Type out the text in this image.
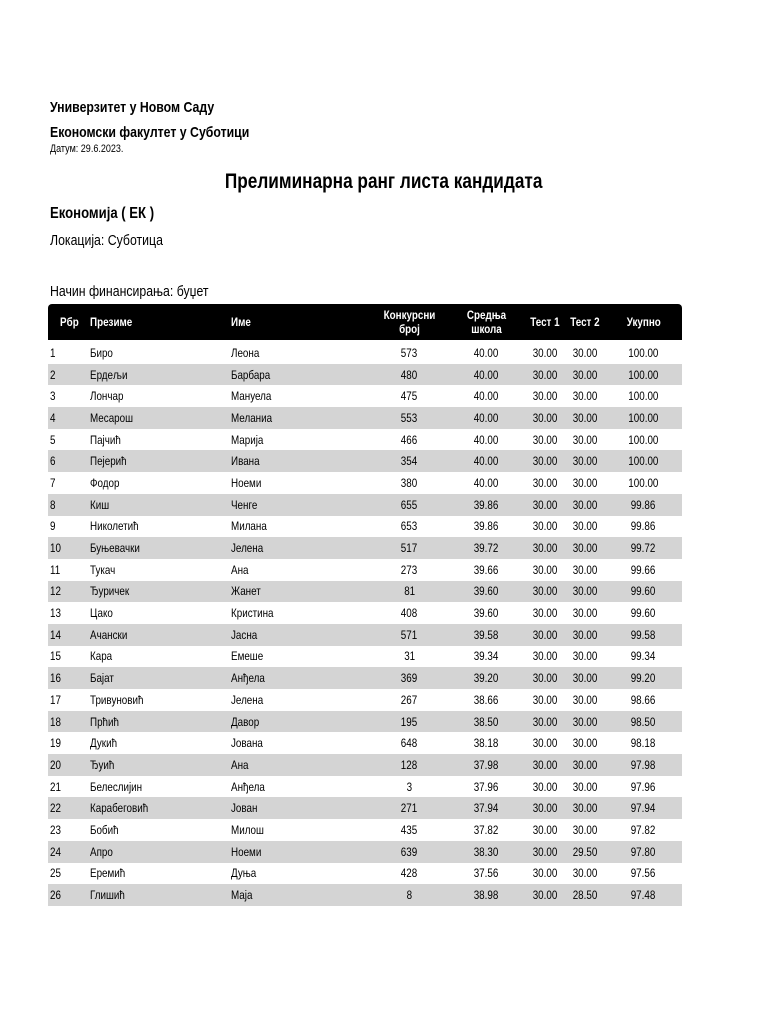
Универзитет у Новом Саду
Економски факултет у Суботици
Датум: 29.6.2023.
Прелиминарна ранг листа кандидата
Економија ( ЕК )
Локација: Суботица
Начин финансирања: буџет
Рбр	Презиме	Име	Конкурсни број	Средња школа	Тест 1	Тест 2	Укупно
1	Биро	Леона	573	40.00	30.00	30.00	100.00
2	Ердељи	Барбара	480	40.00	30.00	30.00	100.00
3	Лончар	Мануела	475	40.00	30.00	30.00	100.00
4	Месарош	Меланиа	553	40.00	30.00	30.00	100.00
5	Пајчић	Марија	466	40.00	30.00	30.00	100.00
6	Пејерић	Ивана	354	40.00	30.00	30.00	100.00
7	Фодор	Ноеми	380	40.00	30.00	30.00	100.00
8	Киш	Ченге	655	39.86	30.00	30.00	99.86
9	Николетић	Милана	653	39.86	30.00	30.00	99.86
10	Буњевачки	Јелена	517	39.72	30.00	30.00	99.72
11	Тукач	Ана	273	39.66	30.00	30.00	99.66
12	Ђуричек	Жанет	81	39.60	30.00	30.00	99.60
13	Цако	Кристина	408	39.60	30.00	30.00	99.60
14	Ачански	Јасна	571	39.58	30.00	30.00	99.58
15	Кара	Емеше	31	39.34	30.00	30.00	99.34
16	Бајат	Анђела	369	39.20	30.00	30.00	99.20
17	Тривуновић	Јелена	267	38.66	30.00	30.00	98.66
18	Прћић	Давор	195	38.50	30.00	30.00	98.50
19	Дукић	Јована	648	38.18	30.00	30.00	98.18
20	Ђуић	Ана	128	37.98	30.00	30.00	97.98
21	Белеслијин	Анђела	3	37.96	30.00	30.00	97.96
22	Карабеговић	Јован	271	37.94	30.00	30.00	97.94
23	Бобић	Милош	435	37.82	30.00	30.00	97.82
24	Апро	Ноеми	639	38.30	30.00	29.50	97.80
25	Еремић	Дуња	428	37.56	30.00	30.00	97.56
26	Глишић	Маја	8	38.98	30.00	28.50	97.48
